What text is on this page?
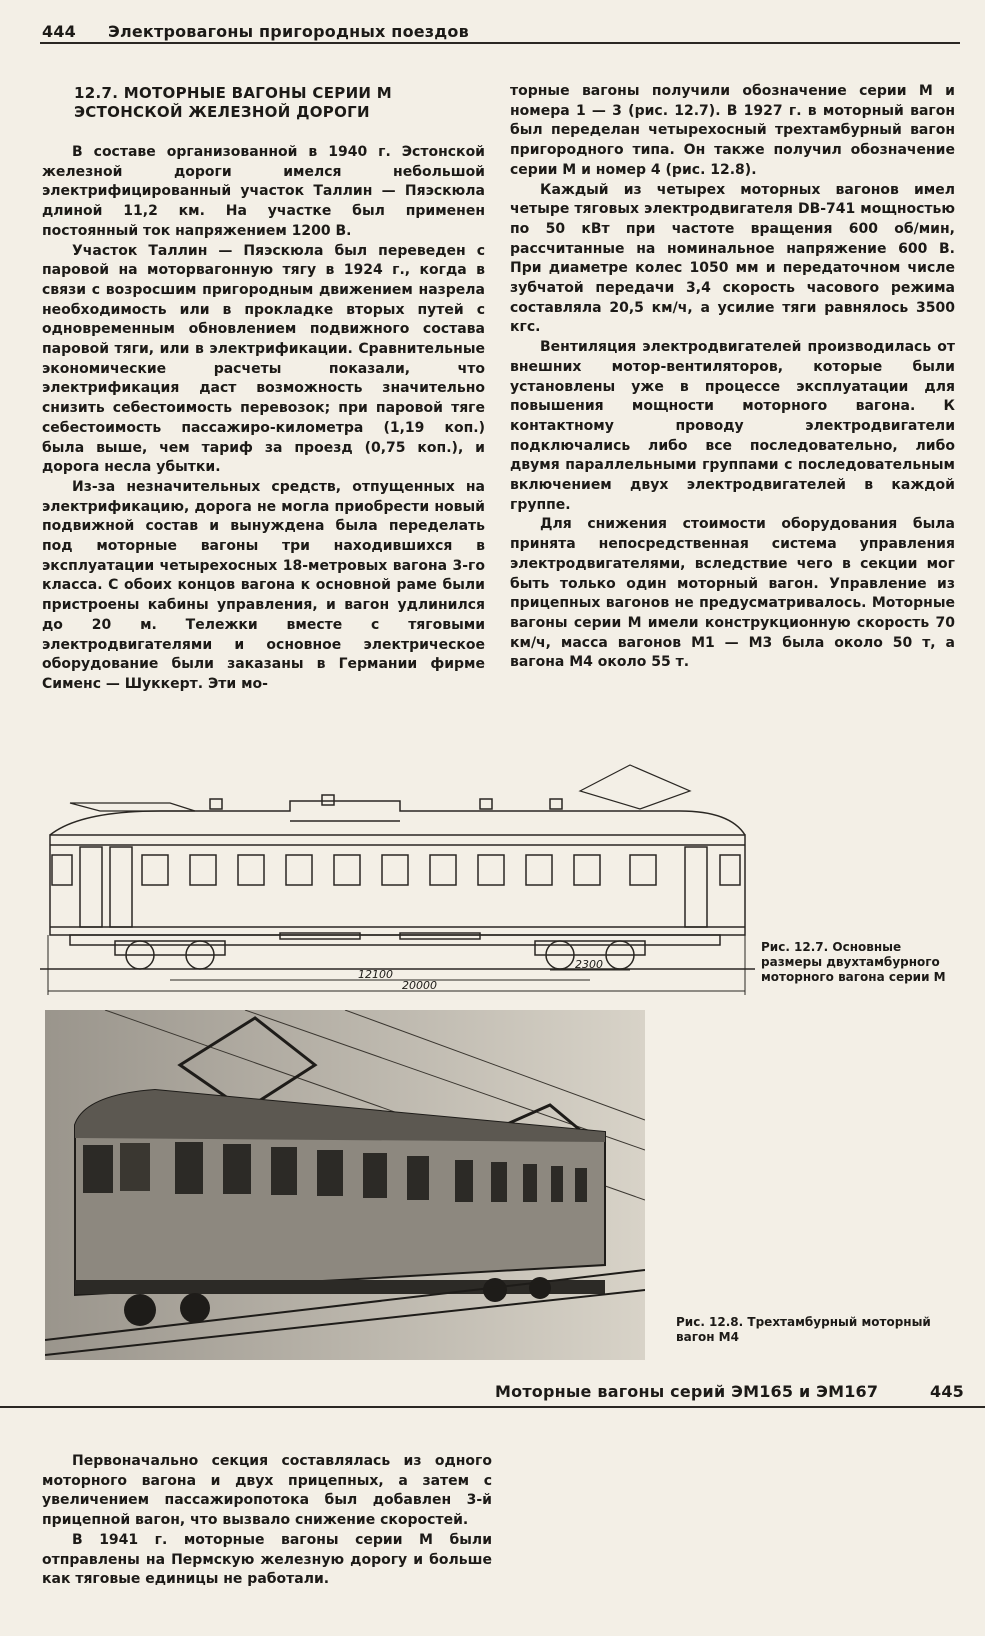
444 Электровагоны пригородных поездов
12.7. МОТОРНЫЕ ВАГОНЫ СЕРИИ М
ЭСТОНСКОЙ ЖЕЛЕЗНОЙ ДОРОГИ

В составе организованной в 1940 г. Эстонской железной дороги имелся небольшой электрифицированный участок Таллин — Пяэскюла длиной 11,2 км. На участке был применен постоянный ток напряжением 1200 В.

Участок Таллин — Пяэскюла был переведен с паровой на моторвагонную тягу в 1924 г., когда в связи с возросшим пригородным движением назрела необходимость или в прокладке вторых путей с одновременным обновлением подвижного состава паровой тяги, или в электрификации. Сравнительные экономические расчеты показали, что электрификация даст возможность значительно снизить себестоимость перевозок; при паровой тяге себестоимость пассажиро-километра (1,19 коп.) была выше, чем тариф за проезд (0,75 коп.), и дорога несла убытки.

Из-за незначительных средств, отпущенных на электрификацию, дорога не могла приобрести новый подвижной состав и вынуждена была переделать под моторные вагоны три находившихся в эксплуатации четырехосных 18-метровых вагона 3-го класса. С обоих концов вагона к основной раме были пристроены кабины управления, и вагон удлинился до 20 м. Тележки вместе с тяговыми электродвигателями и основное электрическое оборудование были заказаны в Германии фирме Сименс — Шуккерт. Эти мо-

торные вагоны получили обозначение серии М и номера 1 — 3 (рис. 12.7). В 1927 г. в моторный вагон был переделан четырехосный трехтамбурный вагон пригородного типа. Он также получил обозначение серии М и номер 4 (рис. 12.8).

Каждый из четырех моторных вагонов имел четыре тяговых электродвигателя DB-741 мощностью по 50 кВт при частоте вращения 600 об/мин, рассчитанные на номинальное напряжение 600 В. При диаметре колес 1050 мм и передаточном числе зубчатой передачи 3,4 скорость часового режима составляла 20,5 км/ч, а усилие тяги равнялось 3500 кгс.

Вентиляция электродвигателей производилась от внешних мотор-вентиляторов, которые были установлены уже в процессе эксплуатации для повышения мощности моторного вагона. К контактному проводу электродвигатели подключались либо все последовательно, либо двумя параллельными группами с последовательным включением двух электродвигателей в каждой группе.

Для снижения стоимости оборудования была принята непосредственная система управления электродвигателями, вследствие чего в секции мог быть только один моторный вагон. Управление из прицепных вагонов не предусматривалось. Моторные вагоны серии М имели конструкционную скорость 70 км/ч, масса вагонов М1 — М3 была около 50 т, а вагона М4 около 55 т.

12100
2300
20000
Рис. 12.7. Основные размеры двухтамбурного моторного вагона серии М
Рис. 12.8. Трехтамбурный моторный вагон М4
Моторные вагоны серий ЭМ165 и ЭМ167	445

Первоначально секция составлялась из одного моторного вагона и двух прицепных, а затем с увеличением пассажиропотока был добавлен 3-й прицепной вагон, что вызвало снижение скоростей.

В 1941 г. моторные вагоны серии М были отправлены на Пермскую железную дорогу и больше как тяговые единицы не работали.
